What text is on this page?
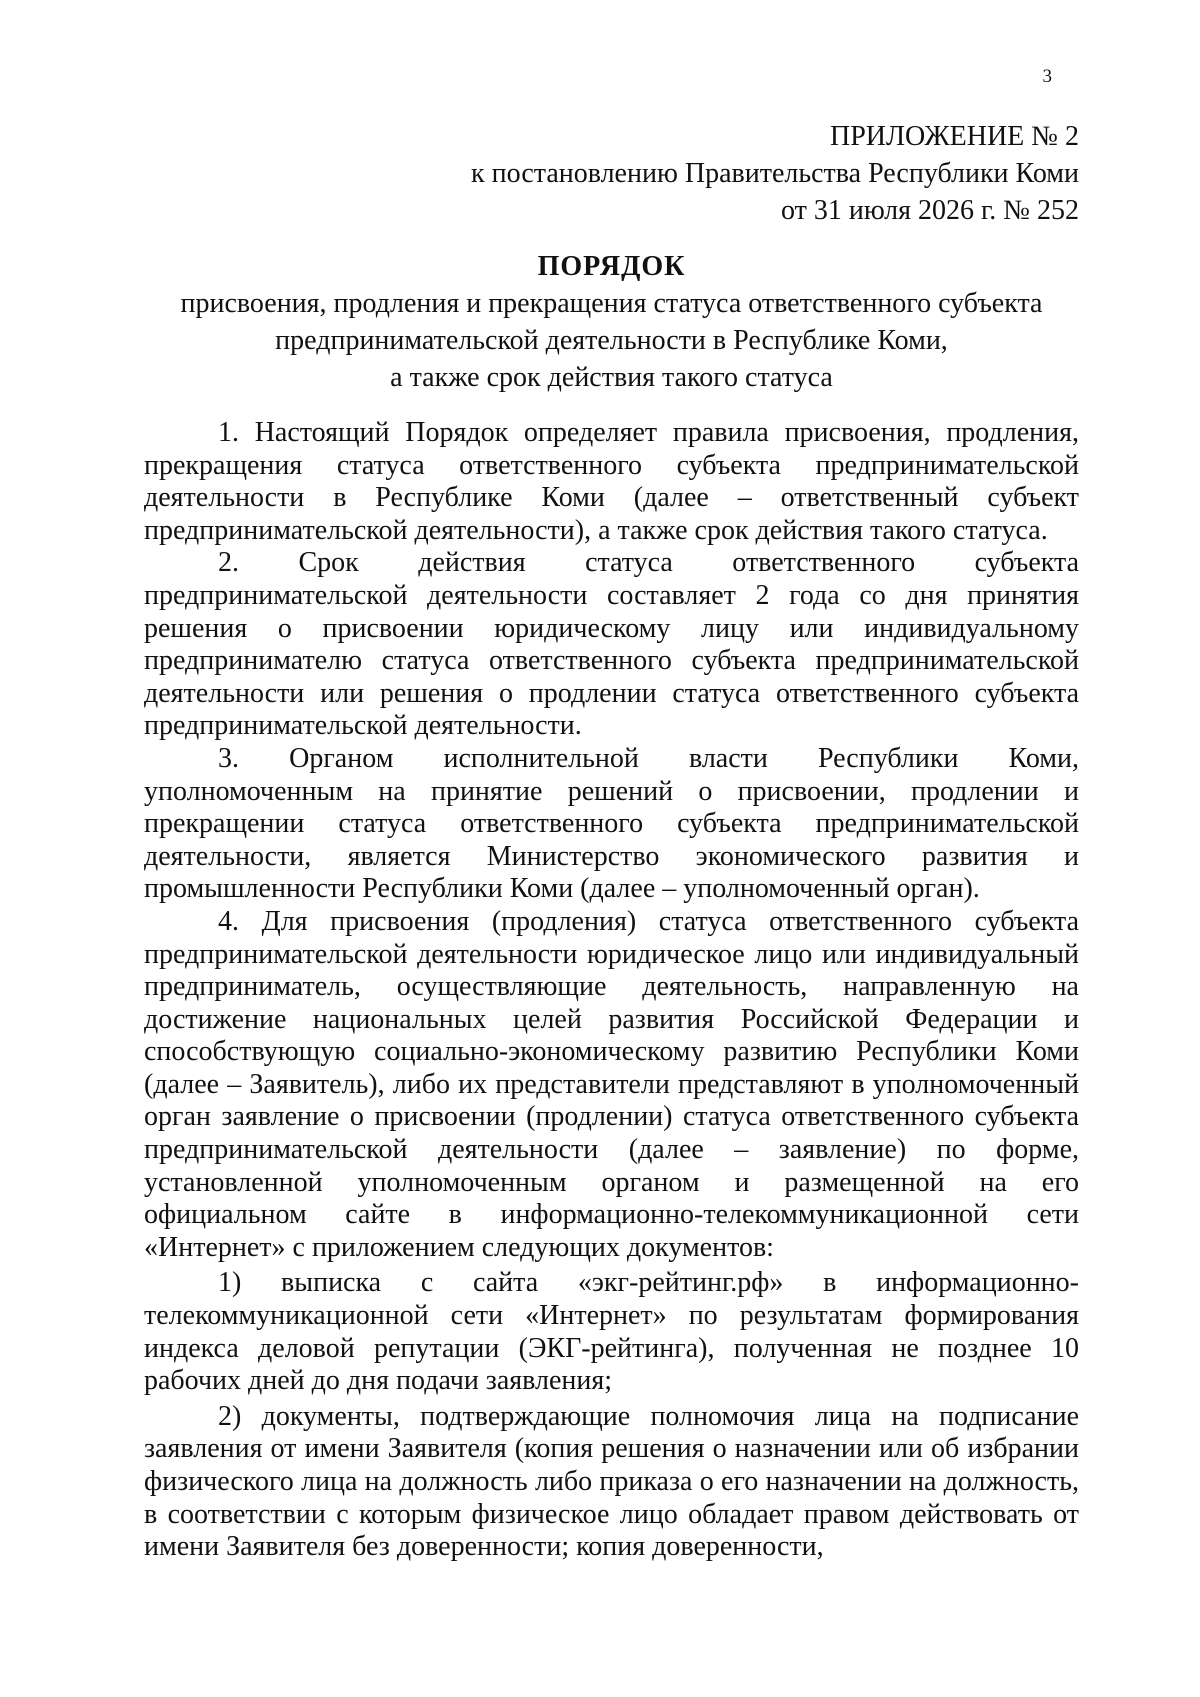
3
ПРИЛОЖЕНИЕ № 2
к постановлению Правительства Республики Коми
от 31 июля 2026 г. № 252
ПОРЯДОК
присвоения, продления и прекращения статуса ответственного субъекта
предпринимательской деятельности в Республике Коми,
а также срок действия такого статуса

1. Настоящий Порядок определяет правила присвоения, продления, прекращения статуса ответственного субъекта предпринимательской деятельности в Республике Коми (далее – ответственный субъект предпринимательской деятельности), а также срок действия такого статуса.

2. Срок действия статуса ответственного субъекта предпринимательской деятельности составляет 2 года со дня принятия решения о присвоении юридическому лицу или индивидуальному предпринимателю статуса ответственного субъекта предпринимательской деятельности или решения о продлении статуса ответственного субъекта предпринимательской деятельности.

3. Органом исполнительной власти Республики Коми, уполномоченным на принятие решений о присвоении, продлении и прекращении статуса ответственного субъекта предпринимательской деятельности, является Министерство экономического развития и промышленности Республики Коми (далее – уполномоченный орган).

4. Для присвоения (продления) статуса ответственного субъекта предпринимательской деятельности юридическое лицо или индивидуальный предприниматель, осуществляющие деятельность, направленную на достижение национальных целей развития Российской Федерации и способствующую социально-экономическому развитию Республики Коми (далее – Заявитель), либо их представители представляют в уполномоченный орган заявление о присвоении (продлении) статуса ответственного субъекта предпринимательской деятельности (далее – заявление) по форме, установленной уполномоченным органом и размещенной на его официальном сайте в информационно-телекоммуникационной сети «Интернет» с приложением следующих документов:

1) выписка с сайта «экг-рейтинг.рф» в информационно-телекоммуникационной сети «Интернет» по результатам формирования индекса деловой репутации (ЭКГ-рейтинга), полученная не позднее 10 рабочих дней до дня подачи заявления;

2) документы, подтверждающие полномочия лица на подписание заявления от имени Заявителя (копия решения о назначении или об избрании физического лица на должность либо приказа о его назначении на должность, в соответствии с которым физическое лицо обладает правом действовать от имени Заявителя без доверенности; копия доверенности,
